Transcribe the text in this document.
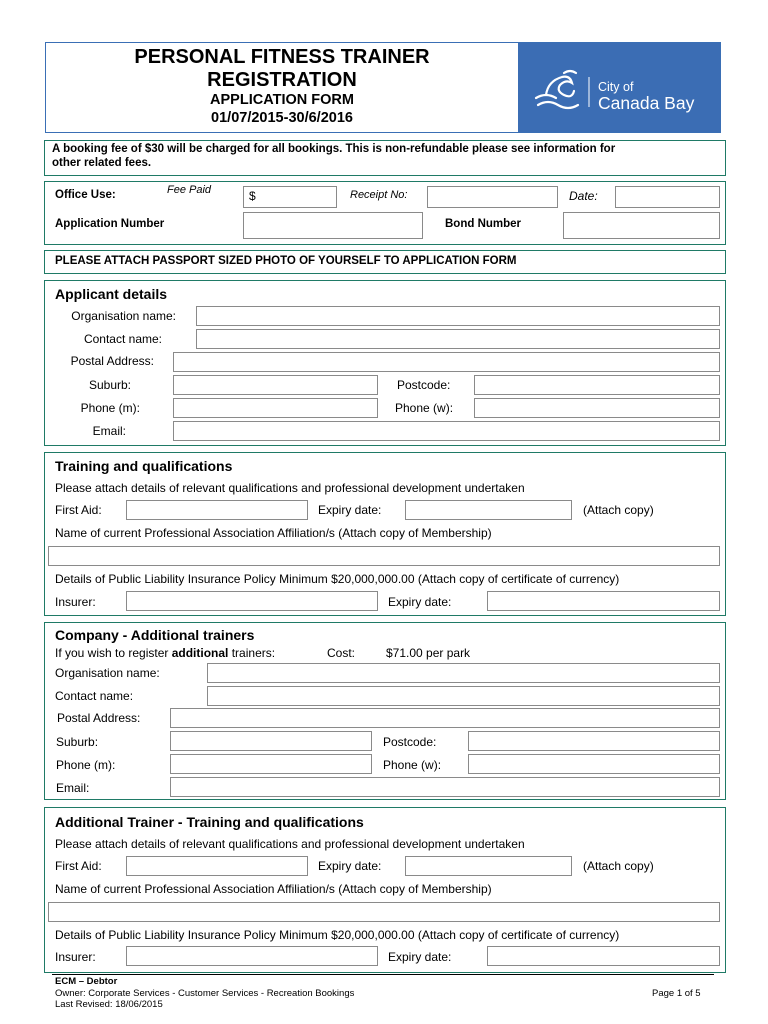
PERSONAL FITNESS TRAINER
REGISTRATION
APPLICATION FORM
01/07/2015-30/6/2016
City of
Canada Bay
A booking fee of $30 will be charged for all bookings. This is non-refundable please see information for
other related fees.
Office Use:	Fee Paid	$	Receipt No:	Date:
Application Number	Bond Number
PLEASE ATTACH PASSPORT SIZED PHOTO OF YOURSELF TO APPLICATION FORM
Applicant details
Organisation name:
Contact name:
Postal Address:
Suburb:	Postcode:
Phone (m):	Phone (w):
Email:
Training and qualifications
Please attach details of relevant qualifications and professional development undertaken
First Aid:	Expiry date:	(Attach copy)
Name of current Professional Association Affiliation/s (Attach copy of Membership)
Details of Public Liability Insurance Policy Minimum $20,000,000.00 (Attach copy of certificate of currency)
Insurer:	Expiry date:
Company - Additional trainers
If you wish to register additional trainers:	Cost:	$71.00 per park
Organisation name:
Contact name:
Postal Address:
Suburb:	Postcode:
Phone (m):	Phone (w):
Email:
Additional Trainer - Training and qualifications
Please attach details of relevant qualifications and professional development undertaken
First Aid:	Expiry date:	(Attach copy)
Name of current Professional Association Affiliation/s (Attach copy of Membership)
Details of Public Liability Insurance Policy Minimum $20,000,000.00 (Attach copy of certificate of currency)
Insurer:	Expiry date:
ECM – Debtor
Owner: Corporate Services - Customer Services - Recreation Bookings
Last Revised: 18/06/2015
Page 1 of 5
